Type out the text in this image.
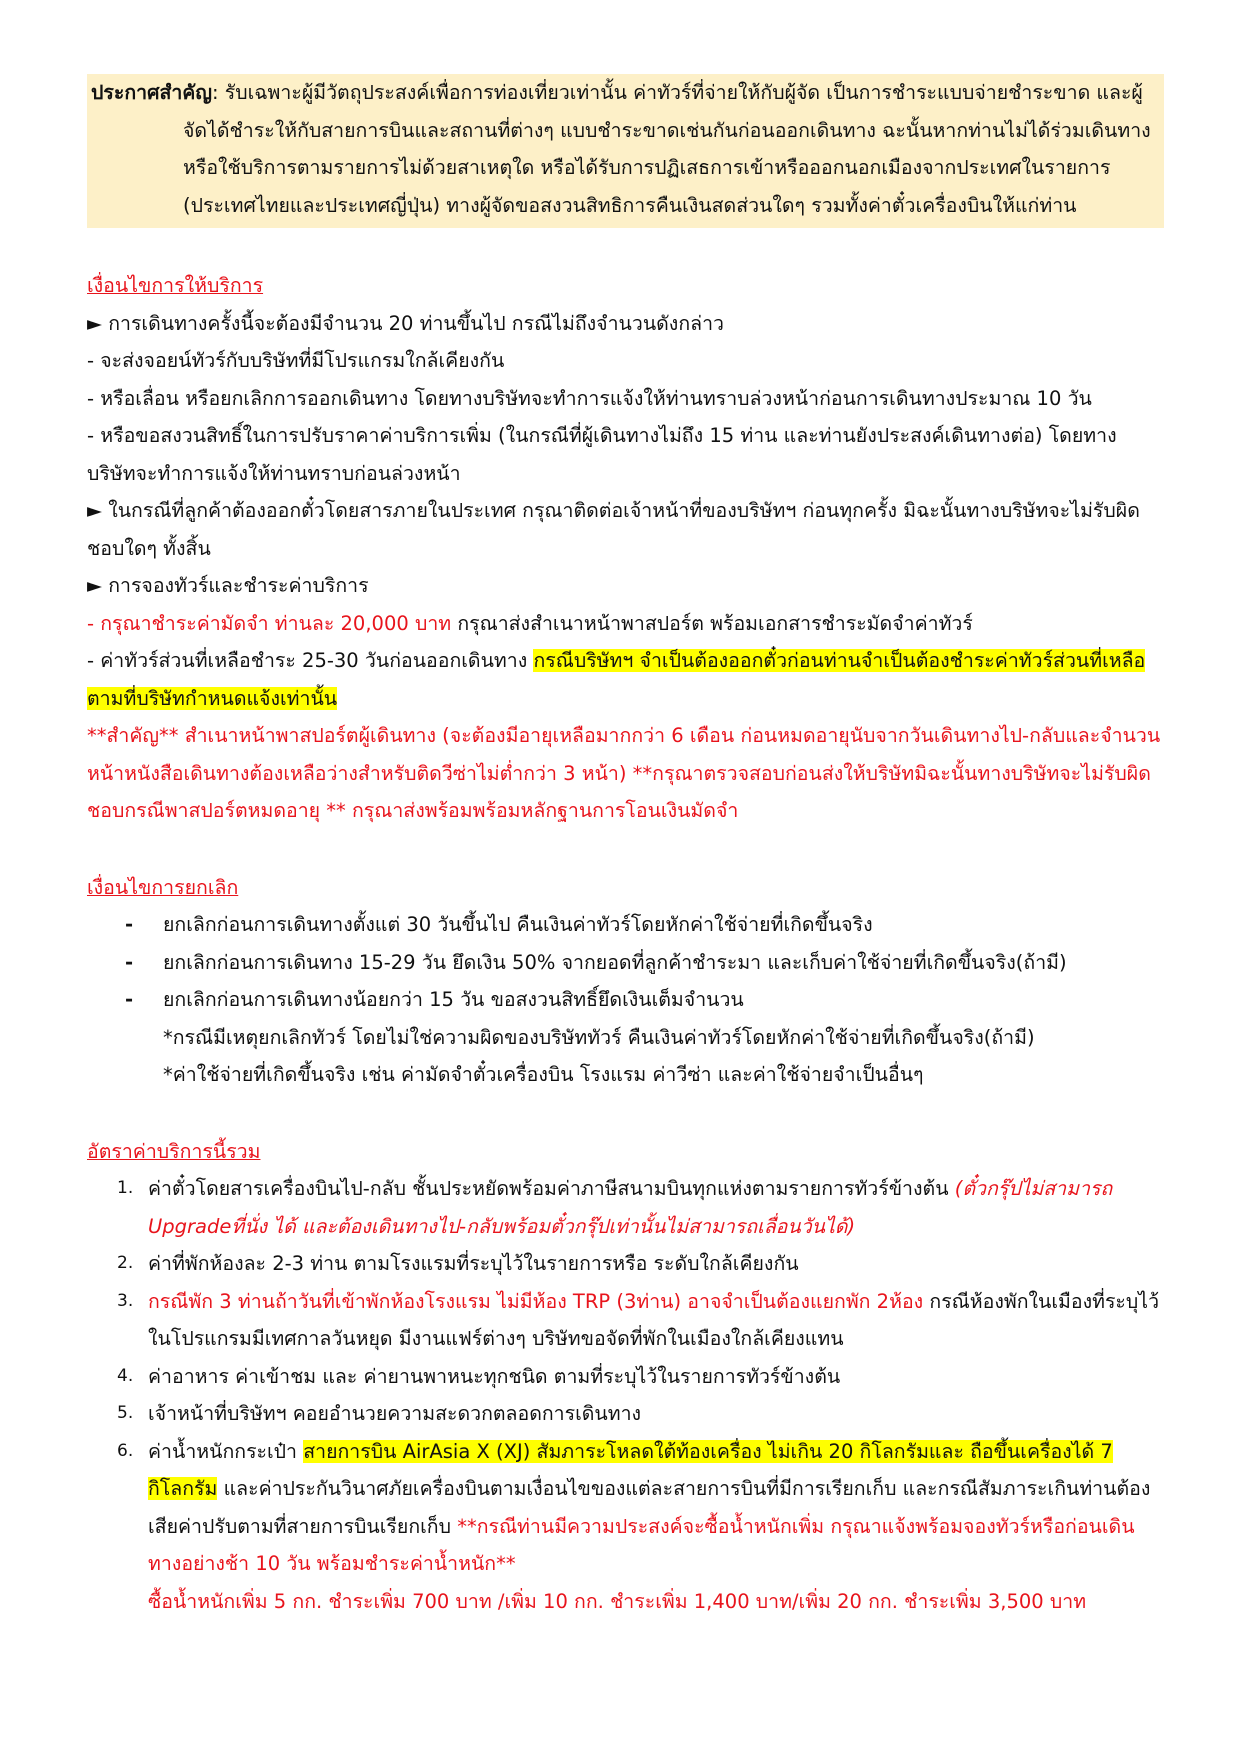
ประกาศสำคัญ: รับเฉพาะผู้มีวัตถุประสงค์เพื่อการท่องเที่ยวเท่านั้น ค่าทัวร์ที่จ่ายให้กับผู้จัด เป็นการชำระแบบจ่ายชำระขาด และผู้
จัดได้ชำระให้กับสายการบินและสถานที่ต่างๆ แบบชำระขาดเช่นกันก่อนออกเดินทาง ฉะนั้นหากท่านไม่ได้ร่วมเดินทาง
หรือใช้บริการตามรายการไม่ด้วยสาเหตุใด หรือได้รับการปฏิเสธการเข้าหรือออกนอกเมืองจากประเทศในรายการ
(ประเทศไทยและประเทศญี่ปุ่น) ทางผู้จัดขอสงวนสิทธิการคืนเงินสดส่วนใดๆ รวมทั้งค่าตั๋วเครื่องบินให้แก่ท่าน
เงื่อนไขการให้บริการ
► การเดินทางครั้งนี้จะต้องมีจำนวน 20 ท่านขึ้นไป กรณีไม่ถึงจำนวนดังกล่าว
- จะส่งจอยน์ทัวร์กับบริษัทที่มีโปรแกรมใกล้เคียงกัน
- หรือเลื่อน หรือยกเลิกการออกเดินทาง โดยทางบริษัทจะทำการแจ้งให้ท่านทราบล่วงหน้าก่อนการเดินทางประมาณ 10 วัน
- หรือขอสงวนสิทธิ์ในการปรับราคาค่าบริการเพิ่ม (ในกรณีที่ผู้เดินทางไม่ถึง 15 ท่าน และท่านยังประสงค์เดินทางต่อ) โดยทางบริษัทจะทำการแจ้งให้ท่านทราบก่อนล่วงหน้า
► ในกรณีที่ลูกค้าต้องออกตั๋วโดยสารภายในประเทศ กรุณาติดต่อเจ้าหน้าที่ของบริษัทฯ ก่อนทุกครั้ง มิฉะนั้นทางบริษัทจะไม่รับผิดชอบใดๆ ทั้งสิ้น
► การจองทัวร์และชำระค่าบริการ
- กรุณาชำระค่ามัดจำ ท่านละ 20,000 บาท กรุณาส่งสำเนาหน้าพาสปอร์ต พร้อมเอกสารชำระมัดจำค่าทัวร์
- ค่าทัวร์ส่วนที่เหลือชำระ 25-30 วันก่อนออกเดินทาง กรณีบริษัทฯ จำเป็นต้องออกตั๋วก่อนท่านจำเป็นต้องชำระค่าทัวร์ส่วนที่เหลือตามที่บริษัทกำหนดแจ้งเท่านั้น
**สำคัญ** สำเนาหน้าพาสปอร์ตผู้เดินทาง (จะต้องมีอายุเหลือมากกว่า 6 เดือน ก่อนหมดอายุนับจากวันเดินทางไป-กลับและจำนวนหน้าหนังสือเดินทางต้องเหลือว่างสำหรับติดวีซ่าไม่ต่ำกว่า 3 หน้า) **กรุณาตรวจสอบก่อนส่งให้บริษัทมิฉะนั้นทางบริษัทจะไม่รับผิดชอบกรณีพาสปอร์ตหมดอายุ ** กรุณาส่งพร้อมพร้อมหลักฐานการโอนเงินมัดจำ
เงื่อนไขการยกเลิก
- ยกเลิกก่อนการเดินทางตั้งแต่ 30 วันขึ้นไป คืนเงินค่าทัวร์โดยหักค่าใช้จ่ายที่เกิดขึ้นจริง
- ยกเลิกก่อนการเดินทาง 15-29 วัน ยึดเงิน 50% จากยอดที่ลูกค้าชำระมา และเก็บค่าใช้จ่ายที่เกิดขึ้นจริง(ถ้ามี)
- ยกเลิกก่อนการเดินทางน้อยกว่า 15 วัน ขอสงวนสิทธิ์ยึดเงินเต็มจำนวน
*กรณีมีเหตุยกเลิกทัวร์ โดยไม่ใช่ความผิดของบริษัททัวร์ คืนเงินค่าทัวร์โดยหักค่าใช้จ่ายที่เกิดขึ้นจริง(ถ้ามี)
*ค่าใช้จ่ายที่เกิดขึ้นจริง เช่น ค่ามัดจำตั๋วเครื่องบิน โรงแรม ค่าวีซ่า และค่าใช้จ่ายจำเป็นอื่นๆ
อัตราค่าบริการนี้รวม
1. ค่าตั๋วโดยสารเครื่องบินไป-กลับ ชั้นประหยัดพร้อมค่าภาษีสนามบินทุกแห่งตามรายการทัวร์ข้างต้น (ตั๋วกรุ๊ปไม่สามารถ Upgradeที่นั่ง ได้ และต้องเดินทางไป-กลับพร้อมตั๋วกรุ๊ปเท่านั้นไม่สามารถเลื่อนวันได้)
2. ค่าที่พักห้องละ 2-3 ท่าน ตามโรงแรมที่ระบุไว้ในรายการหรือ ระดับใกล้เคียงกัน
3. กรณีพัก 3 ท่านถ้าวันที่เข้าพักห้องโรงแรม ไม่มีห้อง TRP (3ท่าน) อาจจำเป็นต้องแยกพัก 2ห้อง กรณีห้องพักในเมืองที่ระบุไว้ในโปรแกรมมีเทศกาลวันหยุด มีงานแฟร์ต่างๆ บริษัทขอจัดที่พักในเมืองใกล้เคียงแทน
4. ค่าอาหาร ค่าเข้าชม และ ค่ายานพาหนะทุกชนิด ตามที่ระบุไว้ในรายการทัวร์ข้างต้น
5. เจ้าหน้าที่บริษัทฯ คอยอำนวยความสะดวกตลอดการเดินทาง
6. ค่าน้ำหนักกระเป๋า สายการบิน AirAsia X (XJ) สัมภาระโหลดใต้ท้องเครื่อง ไม่เกิน 20 กิโลกรัมและ ถือขึ้นเครื่องได้ 7 กิโลกรัม และค่าประกันวินาศภัยเครื่องบินตามเงื่อนไขของแต่ละสายการบินที่มีการเรียกเก็บ และกรณีสัมภาระเกินท่านต้องเสียค่าปรับตามที่สายการบินเรียกเก็บ **กรณีท่านมีความประสงค์จะซื้อน้ำหนักเพิ่ม กรุณาแจ้งพร้อมจองทัวร์หรือก่อนเดินทางอย่างช้า 10 วัน พร้อมชำระค่าน้ำหนัก**
ซื้อน้ำหนักเพิ่ม 5 กก. ชำระเพิ่ม 700 บาท /เพิ่ม 10 กก. ชำระเพิ่ม 1,400 บาท/เพิ่ม 20 กก. ชำระเพิ่ม 3,500 บาท
